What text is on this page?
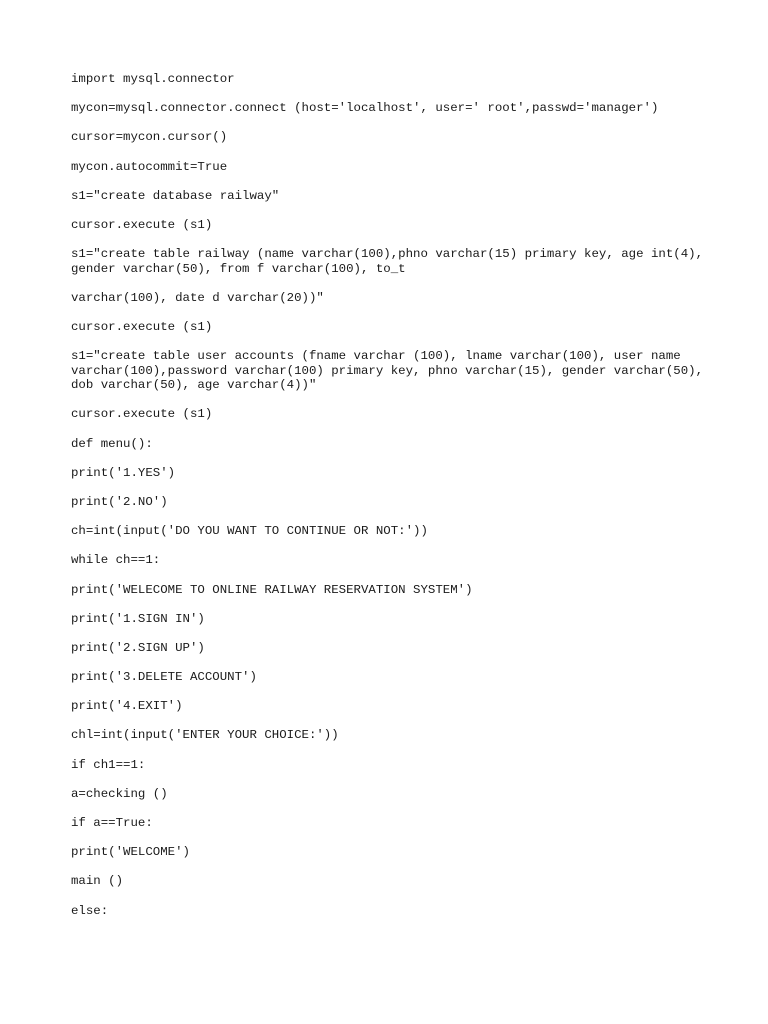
import mysql.connector

mycon=mysql.connector.connect (host='localhost', user=' root',passwd='manager')

cursor=mycon.cursor()

mycon.autocommit=True

s1="create database railway"

cursor.execute (s1)

s1="create table railway (name varchar(100),phno varchar(15) primary key, age int(4), gender varchar(50), from f varchar(100), to_t

varchar(100), date d varchar(20))"

cursor.execute (s1)

s1="create table user accounts (fname varchar (100), lname varchar(100), user name varchar(100),password varchar(100) primary key, phno varchar(15), gender varchar(50), dob varchar(50), age varchar(4))"

cursor.execute (s1)

def menu():

print('1.YES')

print('2.NO')

ch=int(input('DO YOU WANT TO CONTINUE OR NOT:'))

while ch==1:

print('WELECOME TO ONLINE RAILWAY RESERVATION SYSTEM')

print('1.SIGN IN')

print('2.SIGN UP')

print('3.DELETE ACCOUNT')

print('4.EXIT')

chl=int(input('ENTER YOUR CHOICE:'))

if ch1==1:

a=checking ()

if a==True:

print('WELCOME')

main ()

else:
